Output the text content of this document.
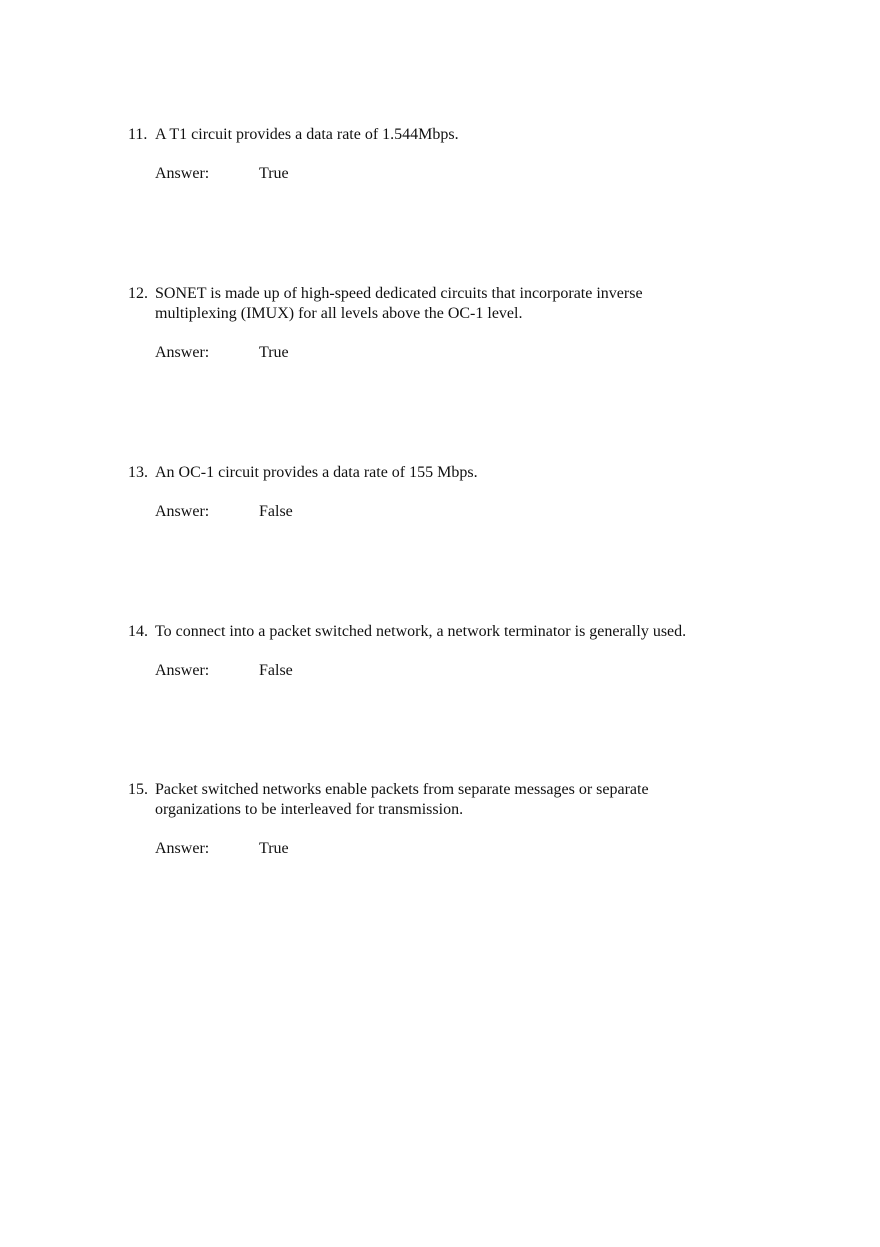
11. A T1 circuit provides a data rate of 1.544Mbps.
Answer:	True
12. SONET is made up of high-speed dedicated circuits that incorporate inverse
multiplexing (IMUX) for all levels above the OC-1 level.
Answer:	True
13. An OC-1 circuit provides a data rate of 155 Mbps.
Answer:	False
14. To connect into a packet switched network, a network terminator is generally used.
Answer:	False
15. Packet switched networks enable packets from separate messages or separate
organizations to be interleaved for transmission.
Answer:	True
